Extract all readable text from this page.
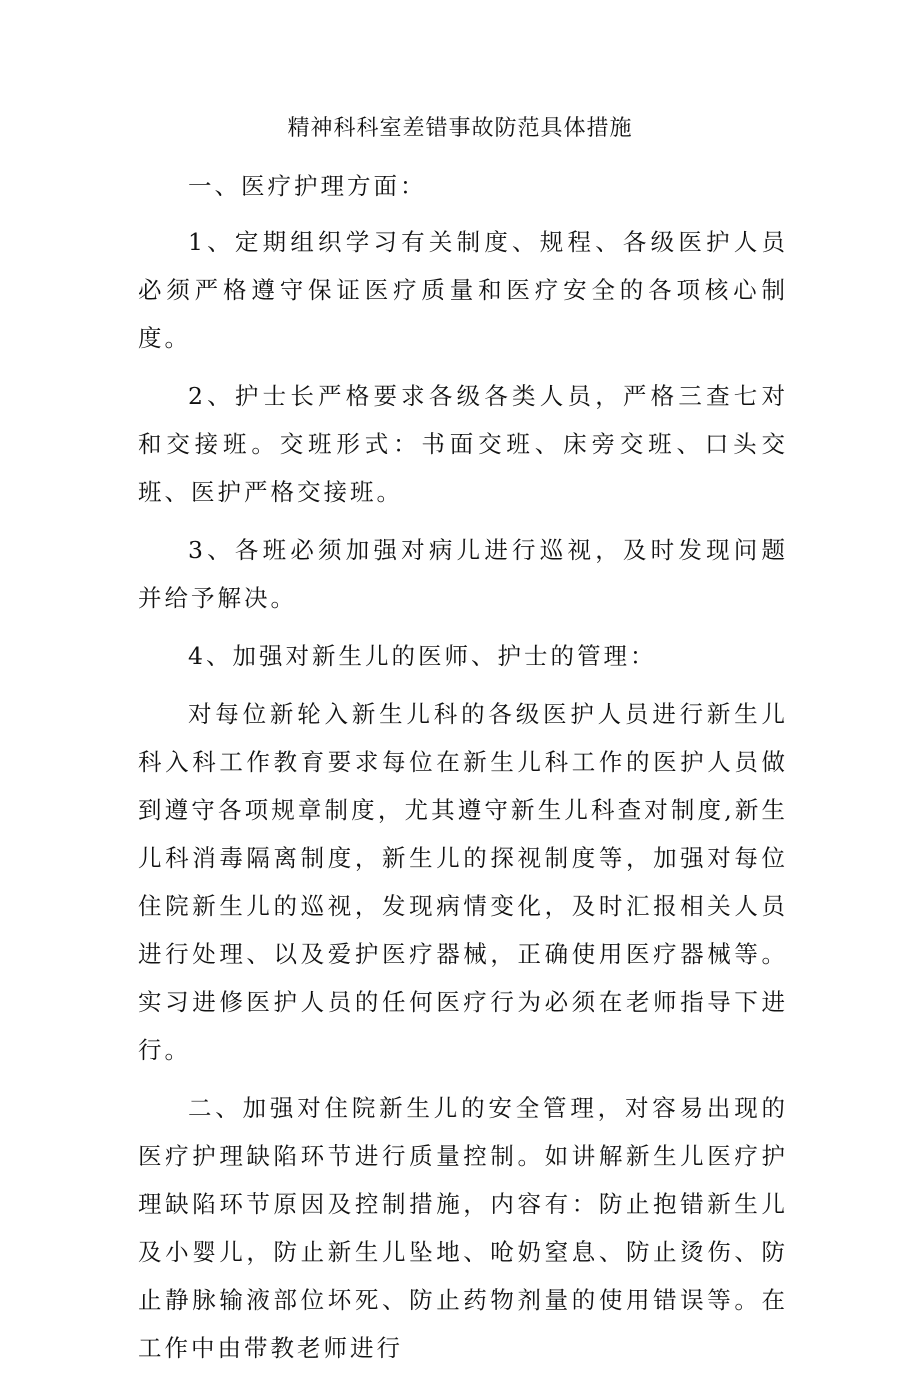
精神科科室差错事故防范具体措施

一、医疗护理方面：

1、定期组织学习有关制度、规程、各级医护人员必须严格遵守保证医疗质量和医疗安全的各项核心制度。

2、护士长严格要求各级各类人员，严格三查七对和交接班。交班形式：书面交班、床旁交班、口头交班、医护严格交接班。

3、各班必须加强对病儿进行巡视，及时发现问题并给予解决。

4、加强对新生儿的医师、护士的管理：

对每位新轮入新生儿科的各级医护人员进行新生儿科入科工作教育要求每位在新生儿科工作的医护人员做到遵守各项规章制度，尤其遵守新生儿科查对制度,新生儿科消毒隔离制度，新生儿的探视制度等，加强对每位住院新生儿的巡视，发现病情变化，及时汇报相关人员进行处理、以及爱护医疗器械，正确使用医疗器械等。实习进修医护人员的任何医疗行为必须在老师指导下进行。

二、加强对住院新生儿的安全管理，对容易出现的医疗护理缺陷环节进行质量控制。如讲解新生儿医疗护理缺陷环节原因及控制措施，内容有：防止抱错新生儿及小婴儿，防止新生儿坠地、呛奶窒息、防止烫伤、防止静脉输液部位坏死、防止药物剂量的使用错误等。在工作中由带教老师进行
